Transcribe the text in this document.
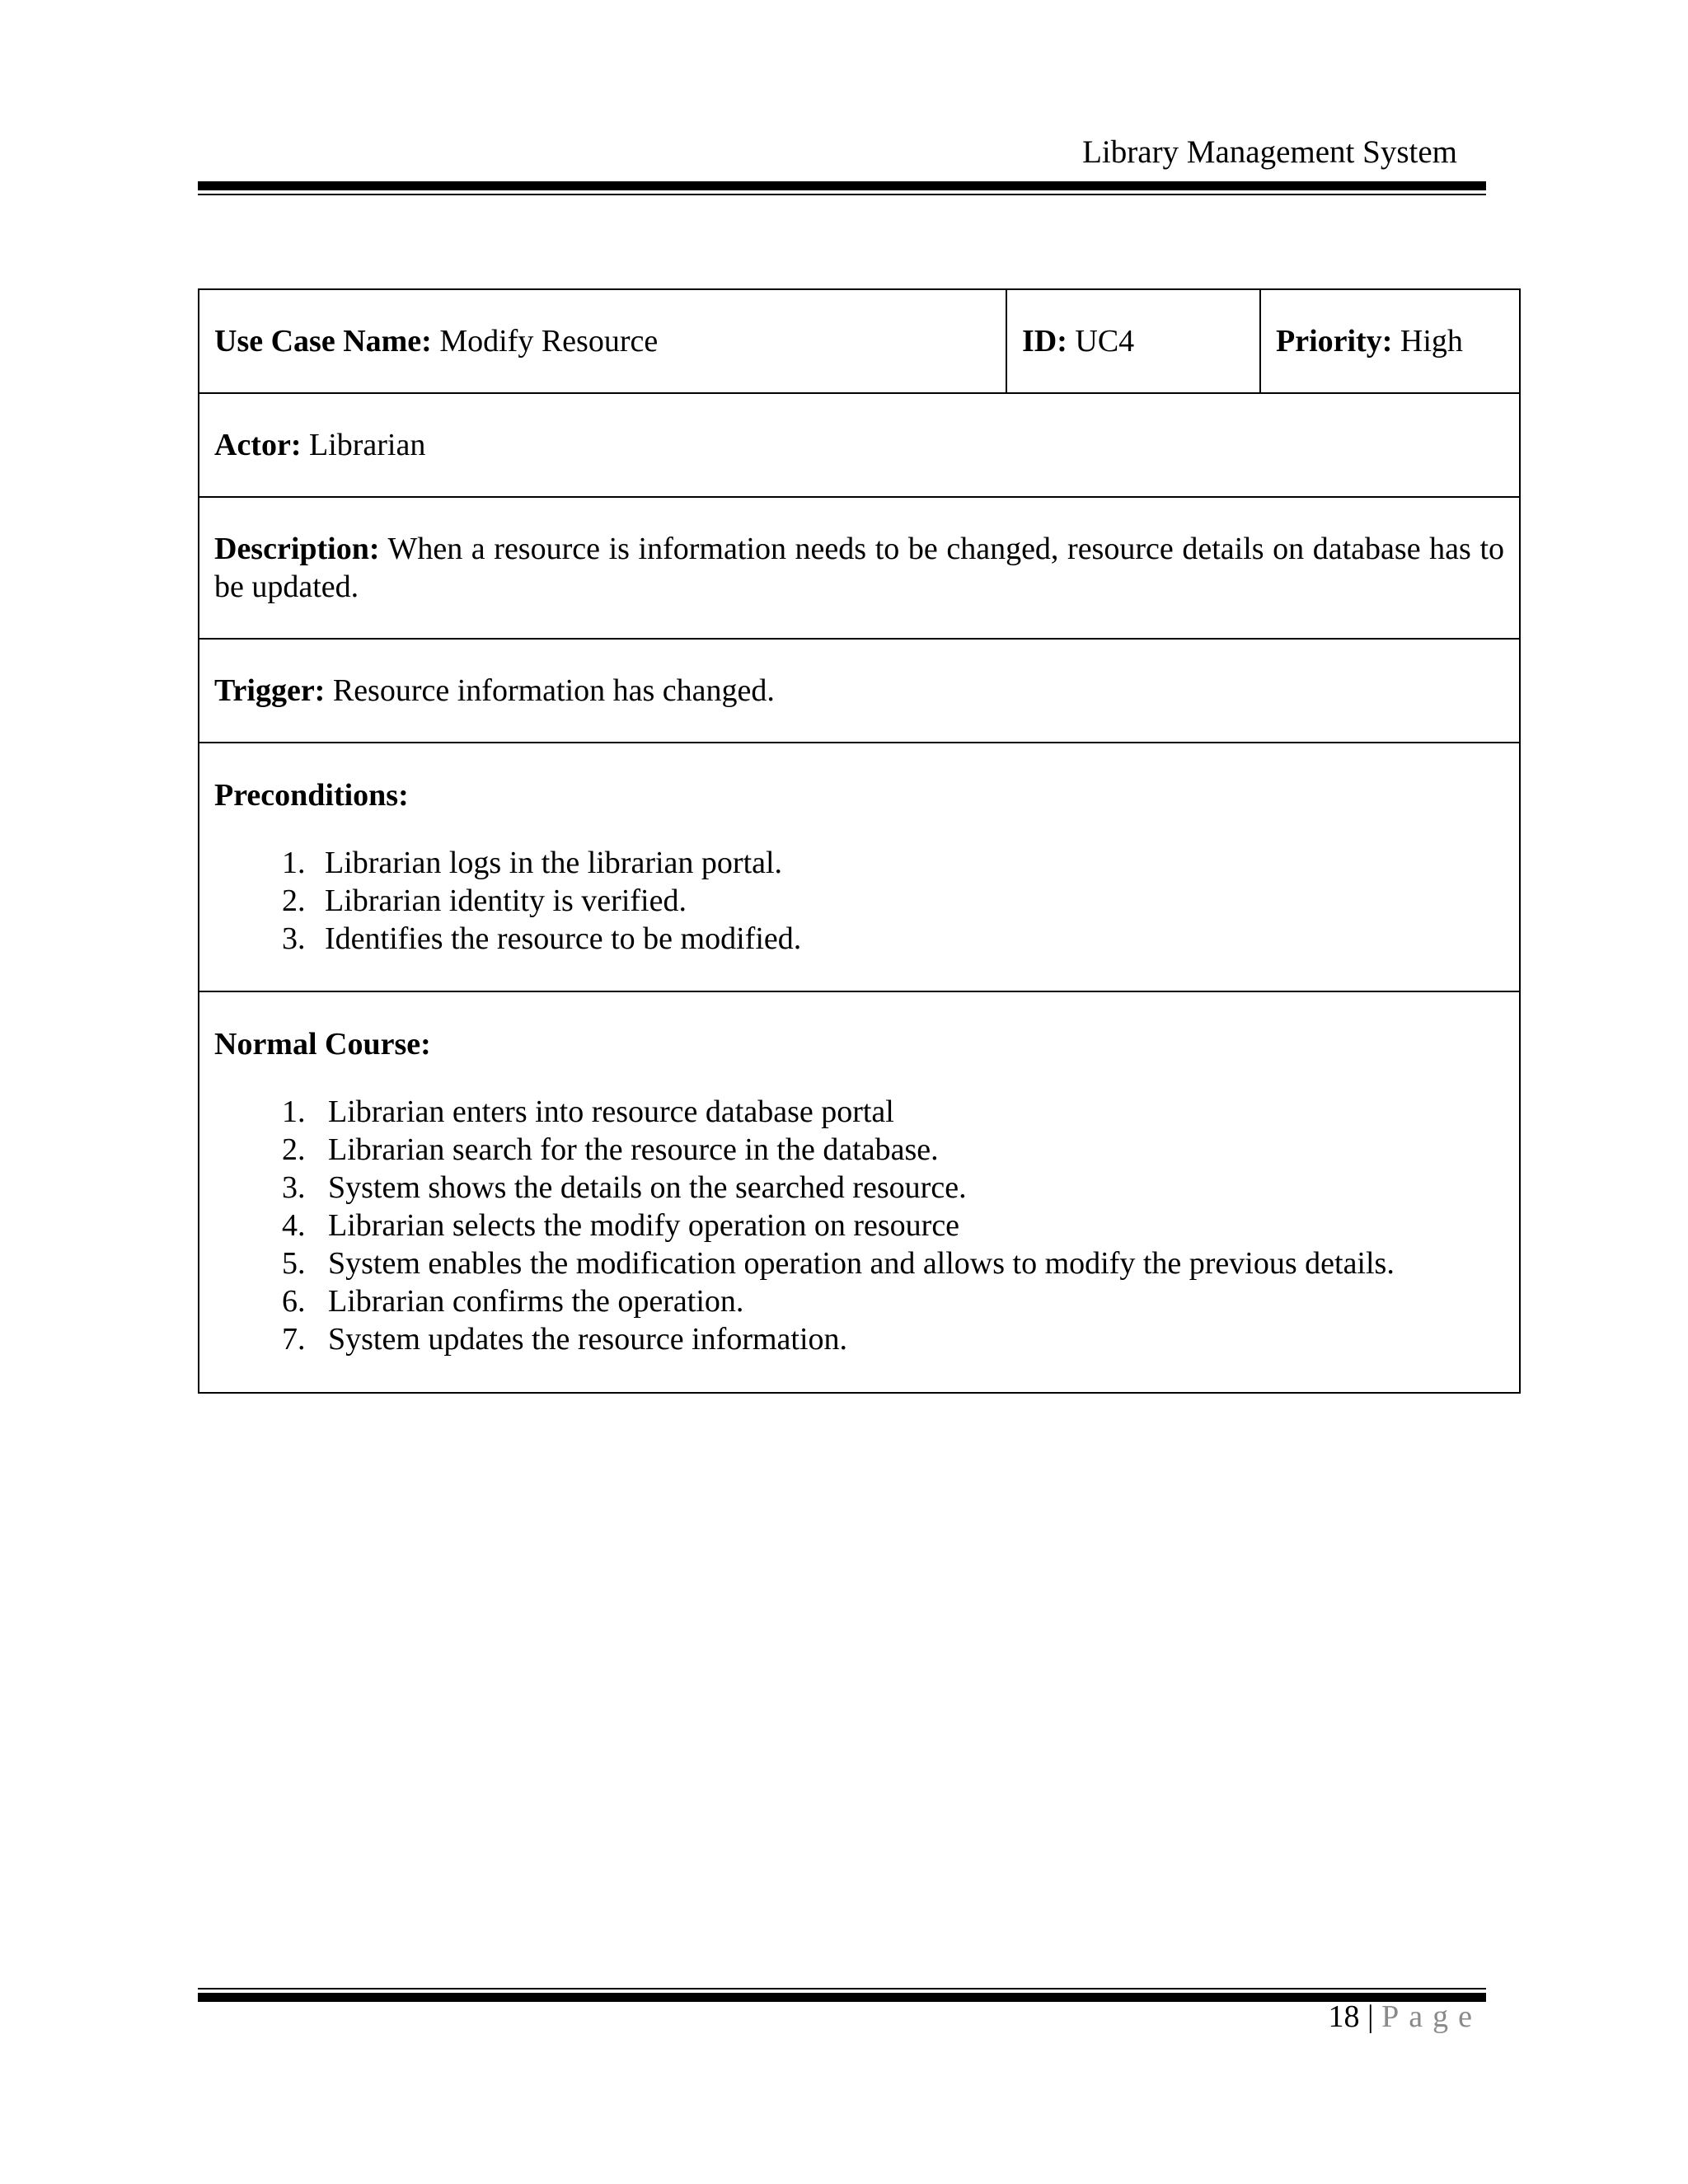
Library Management System
Use Case Name: Modify Resource	ID: UC4	Priority: High
Actor: Librarian
Description: When a resource is information needs to be changed, resource details on database has to be updated.
Trigger: Resource information has changed.

Preconditions:
1. Librarian logs in the librarian portal.
2. Librarian identity is verified.
3. Identifies the resource to be modified.

Normal Course:
1. Librarian enters into resource database portal
2. Librarian search for the resource in the database.
3. System shows the details on the searched resource.
4. Librarian selects the modify operation on resource
5. System enables the modification operation and allows to modify the previous details.
6. Librarian confirms the operation.
7. System updates the resource information.
18 | Page
